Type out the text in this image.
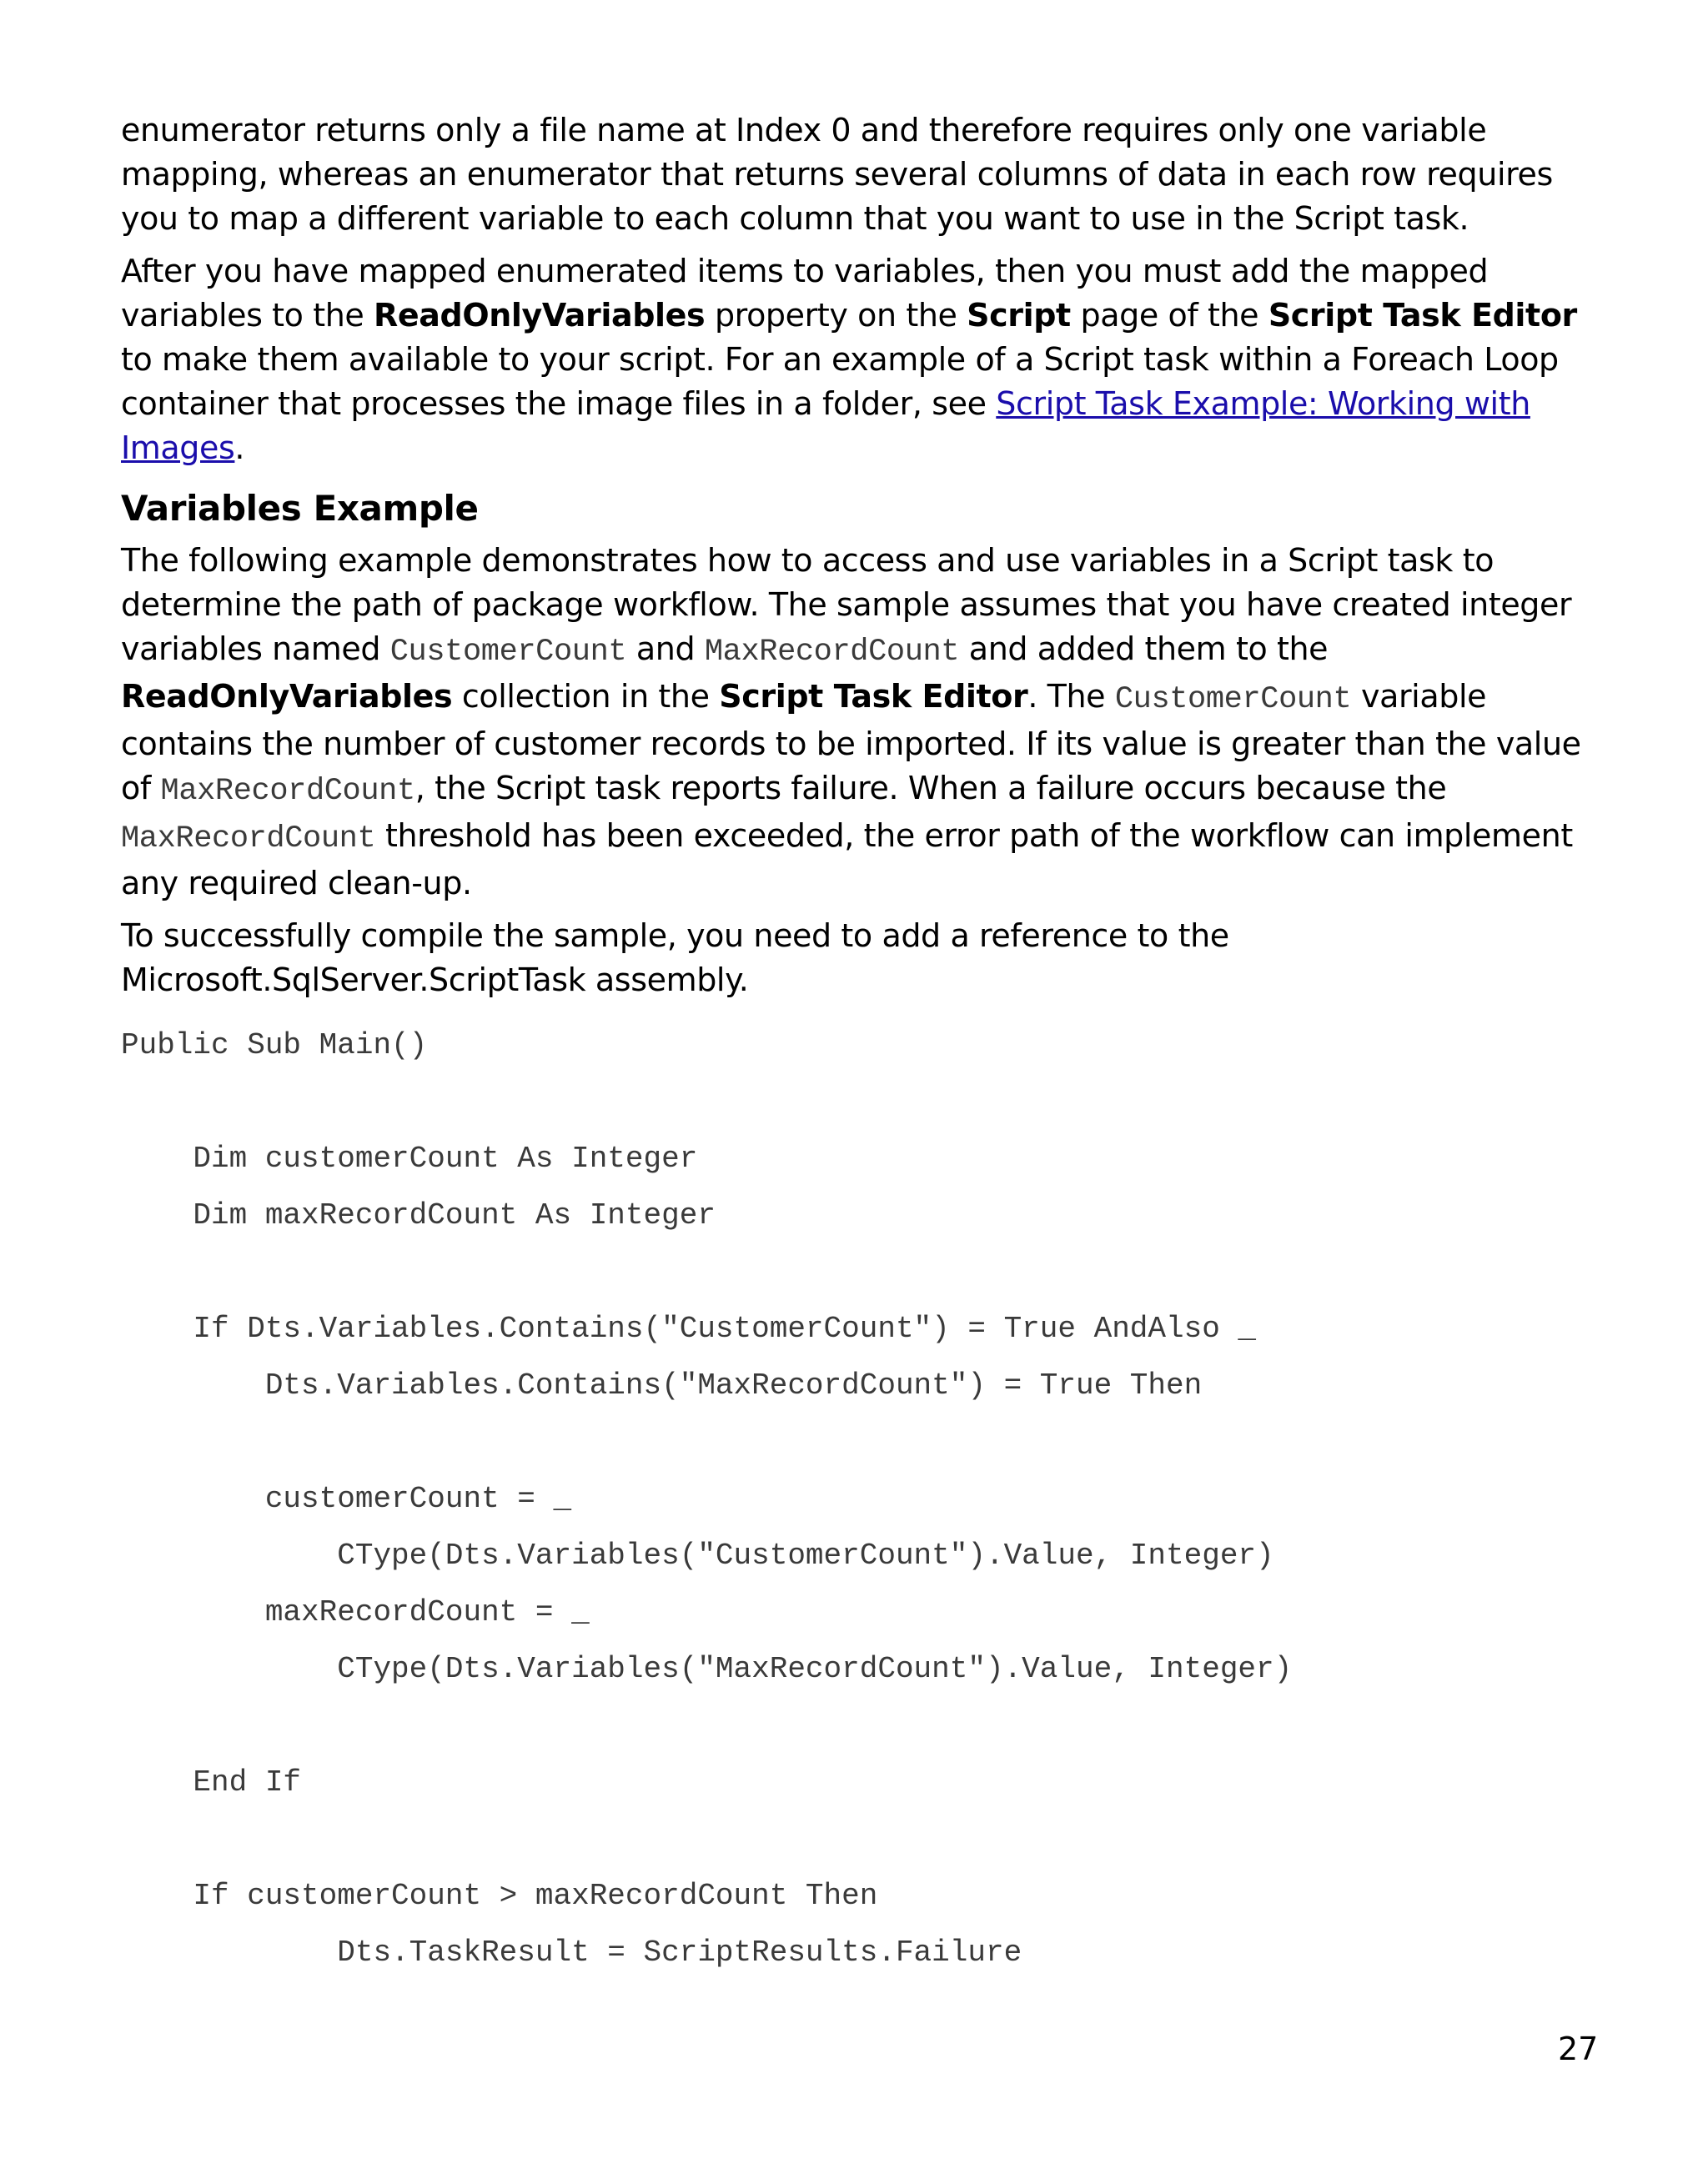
enumerator returns only a file name at Index 0 and therefore requires only one variable mapping, whereas an enumerator that returns several columns of data in each row requires you to map a different variable to each column that you want to use in the Script task.

After you have mapped enumerated items to variables, then you must add the mapped variables to the ReadOnlyVariables property on the Script page of the Script Task Editor to make them available to your script. For an example of a Script task within a Foreach Loop container that processes the image files in a folder, see Script Task Example: Working with Images.

Variables Example

The following example demonstrates how to access and use variables in a Script task to determine the path of package workflow. The sample assumes that you have created integer variables named CustomerCount and MaxRecordCount and added them to the ReadOnlyVariables collection in the Script Task Editor. The CustomerCount variable contains the number of customer records to be imported. If its value is greater than the value of MaxRecordCount, the Script task reports failure. When a failure occurs because the MaxRecordCount threshold has been exceeded, the error path of the workflow can implement any required clean-up.

To successfully compile the sample, you need to add a reference to the Microsoft.SqlServer.ScriptTask assembly.

Public Sub Main()
Dim customerCount As Integer
Dim maxRecordCount As Integer
If Dts.Variables.Contains("CustomerCount") = True AndAlso _
Dts.Variables.Contains("MaxRecordCount") = True Then
customerCount = _
CType(Dts.Variables("CustomerCount").Value, Integer)
maxRecordCount = _
CType(Dts.Variables("MaxRecordCount").Value, Integer)
End If
If customerCount > maxRecordCount Then
Dts.TaskResult = ScriptResults.Failure
27
